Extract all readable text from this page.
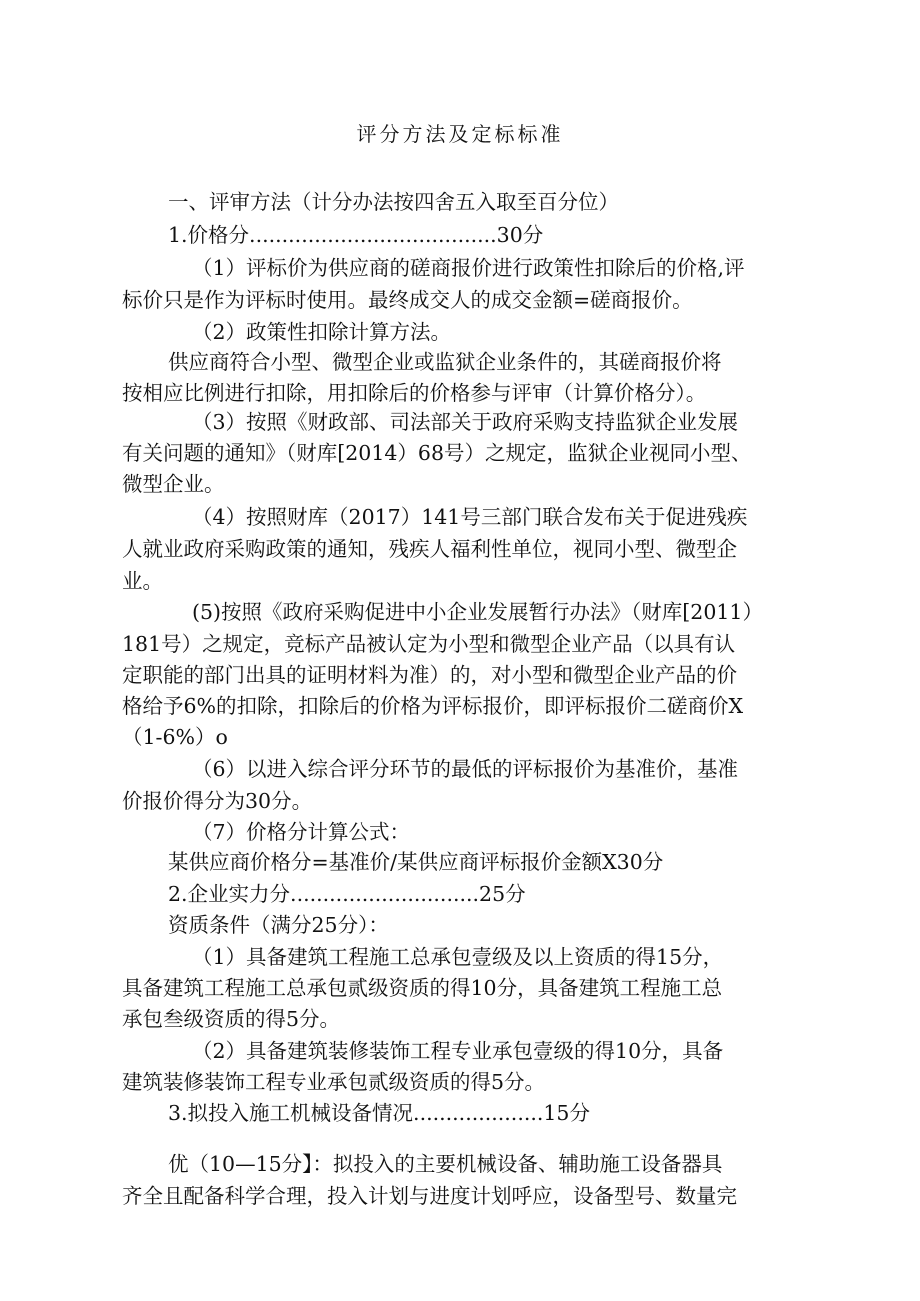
评分方法及定标标准
一、评审方法（计分办法按四舍五入取至百分位）
1.价格分......................................30分
（1）评标价为供应商的磋商报价进行政策性扣除后的价格,评
标价只是作为评标时使用。最终成交人的成交金额=磋商报价。
（2）政策性扣除计算方法。
供应商符合小型、微型企业或监狱企业条件的，其磋商报价将
按相应比例进行扣除，用扣除后的价格参与评审（计算价格分）。
（3）按照《财政部、司法部关于政府采购支持监狱企业发展
有关问题的通知》（财库[2014）68号）之规定，监狱企业视同小型、
微型企业。
（4）按照财库（2017）141号三部门联合发布关于促进残疾
人就业政府采购政策的通知，残疾人福利性单位，视同小型、微型企
业。
(5)按照《政府采购促进中小企业发展暂行办法》（财库[2011）
181号）之规定，竞标产品被认定为小型和微型企业产品（以具有认
定职能的部门出具的证明材料为准）的，对小型和微型企业产品的价
格给予6%的扣除，扣除后的价格为评标报价，即评标报价二磋商价X
（1-6%）o
（6）以进入综合评分环节的最低的评标报价为基准价，基准
价报价得分为30分。
（7）价格分计算公式：
某供应商价格分=基准价/某供应商评标报价金额X30分
2.企业实力分.............................25分
资质条件（满分25分）：
（1）具备建筑工程施工总承包壹级及以上资质的得15分，
具备建筑工程施工总承包贰级资质的得10分，具备建筑工程施工总
承包叁级资质的得5分。
（2）具备建筑装修装饰工程专业承包壹级的得10分，具备
建筑装修装饰工程专业承包贰级资质的得5分。
3.拟投入施工机械设备情况....................15分
优（10—15分】：拟投入的主要机械设备、辅助施工设备器具
齐全且配备科学合理，投入计划与进度计划呼应，设备型号、数量完
